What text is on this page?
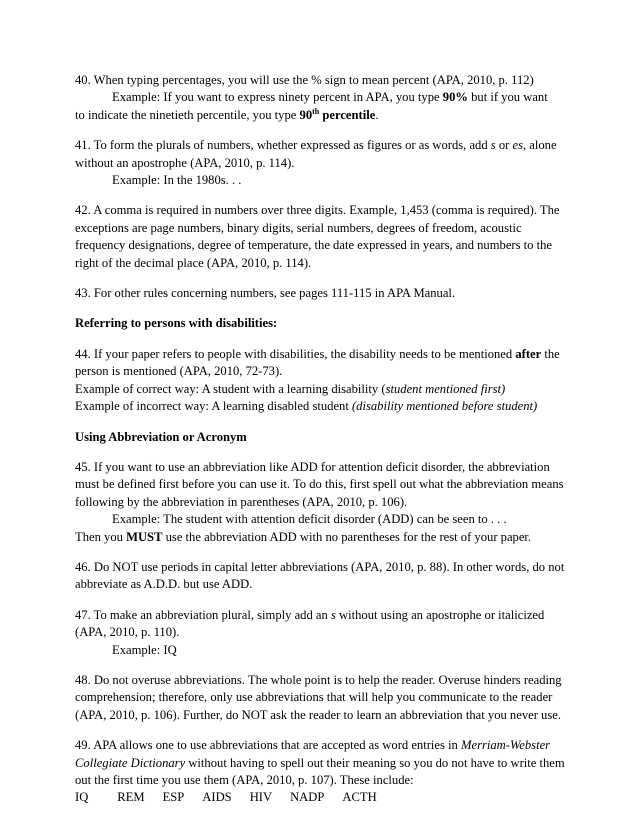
40. When typing percentages, you will use the % sign to mean percent (APA, 2010, p. 112)

Example: If you want to express ninety percent in APA, you type 90% but if you want

to indicate the ninetieth percentile, you type 90th percentile.

41. To form the plurals of numbers, whether expressed as figures or as words, add s or es, alone without an apostrophe (APA, 2010, p. 114).

Example: In the 1980s. . .

42. A comma is required in numbers over three digits. Example, 1,453 (comma is required). The exceptions are page numbers, binary digits, serial numbers, degrees of freedom, acoustic frequency designations, degree of temperature, the date expressed in years, and numbers to the right of the decimal place (APA, 2010, p. 114).

43. For other rules concerning numbers, see pages 111-115 in APA Manual.

Referring to persons with disabilities:

44. If your paper refers to people with disabilities, the disability needs to be mentioned after the person is mentioned (APA, 2010, 72-73).

Example of correct way: A student with a learning disability (student mentioned first)

Example of incorrect way: A learning disabled student (disability mentioned before student)

Using Abbreviation or Acronym

45. If you want to use an abbreviation like ADD for attention deficit disorder, the abbreviation must be defined first before you can use it. To do this, first spell out what the abbreviation means following by the abbreviation in parentheses (APA, 2010, p. 106).

Example: The student with attention deficit disorder (ADD) can be seen to . . .

Then you MUST use the abbreviation ADD with no parentheses for the rest of your paper.

46. Do NOT use periods in capital letter abbreviations (APA, 2010, p. 88). In other words, do not abbreviate as A.D.D. but use ADD.

47. To make an abbreviation plural, simply add an s without using an apostrophe or italicized (APA, 2010, p. 110).

Example: IQ

48. Do not overuse abbreviations. The whole point is to help the reader. Overuse hinders reading comprehension; therefore, only use abbreviations that will help you communicate to the reader (APA, 2010, p. 106). Further, do NOT ask the reader to learn an abbreviation that you never use.

49. APA allows one to use abbreviations that are accepted as word entries in Merriam-Webster Collegiate Dictionary without having to spell out their meaning so you do not have to write them out the first time you use them (APA, 2010, p. 107). These include:

IQ REM ESP AIDS HIV NADP ACTH
